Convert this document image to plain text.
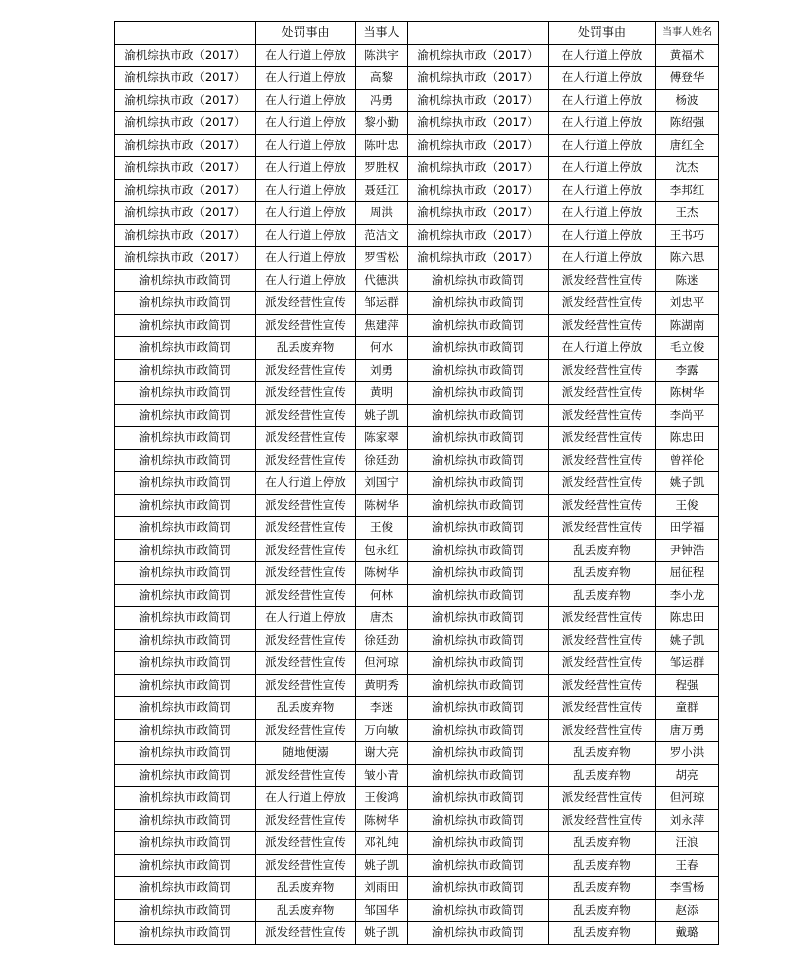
	处罚事由	当事人		处罚事由	当事人姓名
渝机综执市政（2017）	在人行道上停放	陈洪宇	渝机综执市政（2017）	在人行道上停放	黄福术
渝机综执市政（2017）	在人行道上停放	高黎	渝机综执市政（2017）	在人行道上停放	傅登华
渝机综执市政（2017）	在人行道上停放	冯勇	渝机综执市政（2017）	在人行道上停放	杨波
渝机综执市政（2017）	在人行道上停放	黎小勤	渝机综执市政（2017）	在人行道上停放	陈绍强
渝机综执市政（2017）	在人行道上停放	陈叶忠	渝机综执市政（2017）	在人行道上停放	唐红全
渝机综执市政（2017）	在人行道上停放	罗胜权	渝机综执市政（2017）	在人行道上停放	沈杰
渝机综执市政（2017）	在人行道上停放	聂廷江	渝机综执市政（2017）	在人行道上停放	李邦红
渝机综执市政（2017）	在人行道上停放	周洪	渝机综执市政（2017）	在人行道上停放	王杰
渝机综执市政（2017）	在人行道上停放	范洁文	渝机综执市政（2017）	在人行道上停放	王书巧
渝机综执市政（2017）	在人行道上停放	罗雪松	渝机综执市政（2017）	在人行道上停放	陈六思
渝机综执市政简罚	在人行道上停放	代德洪	渝机综执市政简罚	派发经营性宣传	陈迷
渝机综执市政简罚	派发经营性宣传	邹运群	渝机综执市政简罚	派发经营性宣传	刘忠平
渝机综执市政简罚	派发经营性宣传	焦建萍	渝机综执市政简罚	派发经营性宣传	陈湖南
渝机综执市政简罚	乱丢废弃物	何水	渝机综执市政简罚	在人行道上停放	毛立俊
渝机综执市政简罚	派发经营性宣传	刘勇	渝机综执市政简罚	派发经营性宣传	李露
渝机综执市政简罚	派发经营性宣传	黄明	渝机综执市政简罚	派发经营性宣传	陈树华
渝机综执市政简罚	派发经营性宣传	姚子凯	渝机综执市政简罚	派发经营性宣传	李尚平
渝机综执市政简罚	派发经营性宣传	陈家翠	渝机综执市政简罚	派发经营性宣传	陈忠田
渝机综执市政简罚	派发经营性宣传	徐廷劲	渝机综执市政简罚	派发经营性宣传	曾祥伦
渝机综执市政简罚	在人行道上停放	刘国宁	渝机综执市政简罚	派发经营性宣传	姚子凯
渝机综执市政简罚	派发经营性宣传	陈树华	渝机综执市政简罚	派发经营性宣传	王俊
渝机综执市政简罚	派发经营性宣传	王俊	渝机综执市政简罚	派发经营性宣传	田学福
渝机综执市政简罚	派发经营性宣传	包永红	渝机综执市政简罚	乱丢废弃物	尹钟浩
渝机综执市政简罚	派发经营性宣传	陈树华	渝机综执市政简罚	乱丢废弃物	屈征程
渝机综执市政简罚	派发经营性宣传	何林	渝机综执市政简罚	乱丢废弃物	李小龙
渝机综执市政简罚	在人行道上停放	唐杰	渝机综执市政简罚	派发经营性宣传	陈忠田
渝机综执市政简罚	派发经营性宣传	徐廷劲	渝机综执市政简罚	派发经营性宣传	姚子凯
渝机综执市政简罚	派发经营性宣传	但河琼	渝机综执市政简罚	派发经营性宣传	邹运群
渝机综执市政简罚	派发经营性宣传	黄明秀	渝机综执市政简罚	派发经营性宣传	程强
渝机综执市政简罚	乱丢废弃物	李迷	渝机综执市政简罚	派发经营性宣传	童群
渝机综执市政简罚	派发经营性宣传	万向敏	渝机综执市政简罚	派发经营性宣传	唐万勇
渝机综执市政简罚	随地便溺	谢大亮	渝机综执市政简罚	乱丢废弃物	罗小洪
渝机综执市政简罚	派发经营性宣传	皱小青	渝机综执市政简罚	乱丢废弃物	胡亮
渝机综执市政简罚	在人行道上停放	王俊鸿	渝机综执市政简罚	派发经营性宣传	但河琼
渝机综执市政简罚	派发经营性宣传	陈树华	渝机综执市政简罚	派发经营性宣传	刘永萍
渝机综执市政简罚	派发经营性宣传	邓礼纯	渝机综执市政简罚	乱丢废弃物	汪浪
渝机综执市政简罚	派发经营性宣传	姚子凯	渝机综执市政简罚	乱丢废弃物	王春
渝机综执市政简罚	乱丢废弃物	刘雨田	渝机综执市政简罚	乱丢废弃物	李雪杨
渝机综执市政简罚	乱丢废弃物	邹国华	渝机综执市政简罚	乱丢废弃物	赵添
渝机综执市政简罚	派发经营性宣传	姚子凯	渝机综执市政简罚	乱丢废弃物	戴璐
